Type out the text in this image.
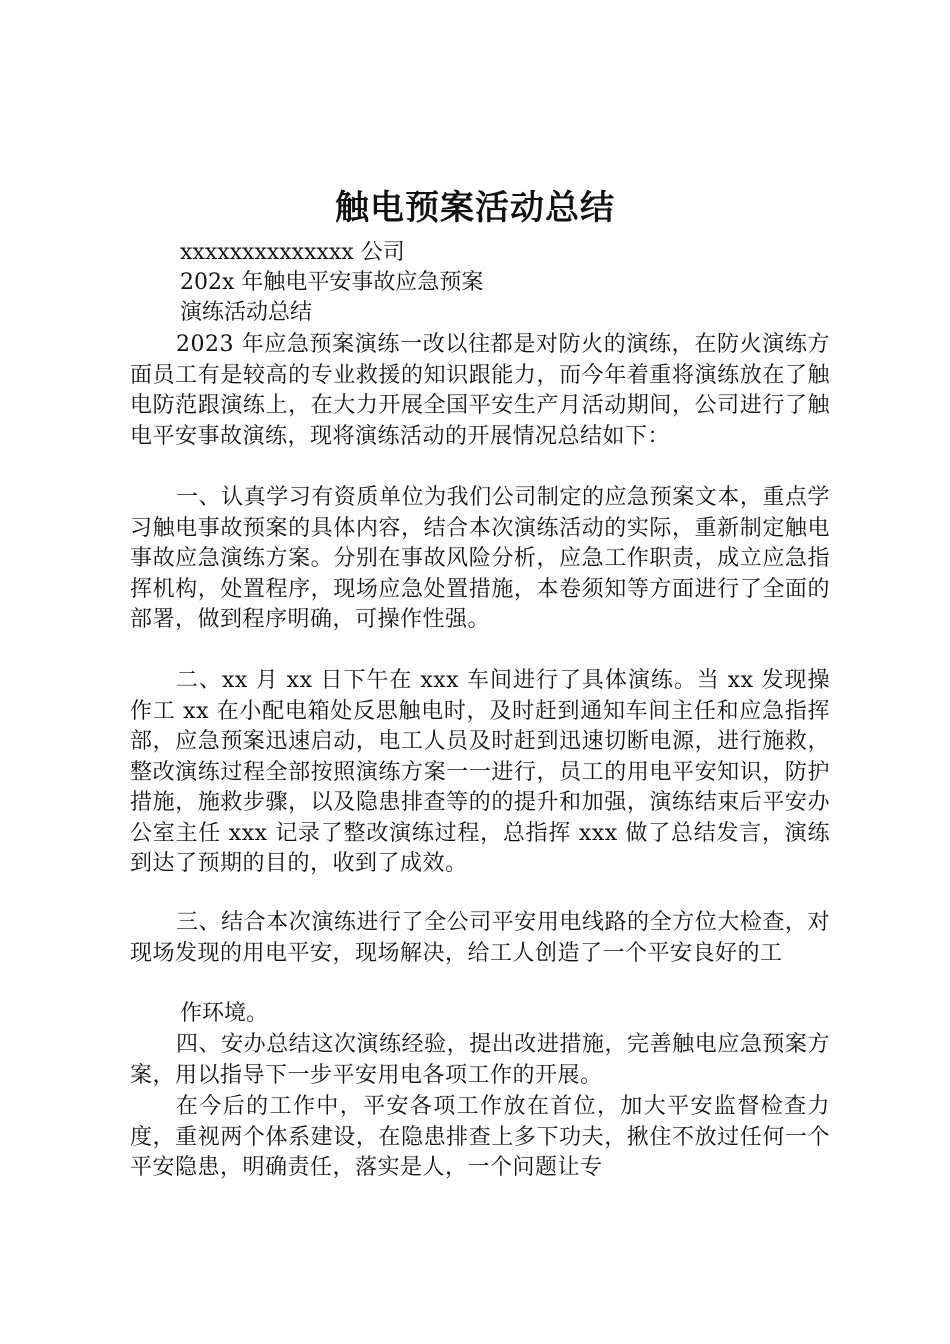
触电预案活动总结
xxxxxxxxxxxxxx 公司
202x 年触电平安事故应急预案
演练活动总结

2023 年应急预案演练一改以往都是对防火的演练，在防火演练方面员工有是较高的专业救援的知识跟能力，而今年着重将演练放在了触电防范跟演练上，在大力开展全国平安生产月活动期间，公司进行了触电平安事故演练，现将演练活动的开展情况总结如下：

一、认真学习有资质单位为我们公司制定的应急预案文本，重点学习触电事故预案的具体内容，结合本次演练活动的实际，重新制定触电事故应急演练方案。分别在事故风险分析，应急工作职责，成立应急指挥机构，处置程序，现场应急处置措施，本卷须知等方面进行了全面的部署，做到程序明确，可操作性强。

二、xx 月 xx 日下午在 xxx 车间进行了具体演练。当 xx 发现操作工 xx 在小配电箱处反思触电时，及时赶到通知车间主任和应急指挥部，应急预案迅速启动，电工人员及时赶到迅速切断电源，进行施救，整改演练过程全部按照演练方案一一进行，员工的用电平安知识，防护措施，施救步骤，以及隐患排查等的的提升和加强，演练结束后平安办公室主任 xxx 记录了整改演练过程，总指挥 xxx 做了总结发言，演练到达了预期的目的，收到了成效。

三、结合本次演练进行了全公司平安用电线路的全方位大检查，对现场发现的用电平安，现场解决，给工人创造了一个平安良好的工

作环境。

四、安办总结这次演练经验，提出改进措施，完善触电应急预案方案，用以指导下一步平安用电各项工作的开展。

在今后的工作中，平安各项工作放在首位，加大平安监督检查力度，重视两个体系建设，在隐患排查上多下功夫，揪住不放过任何一个平安隐患，明确责任，落实是人，一个问题让专
